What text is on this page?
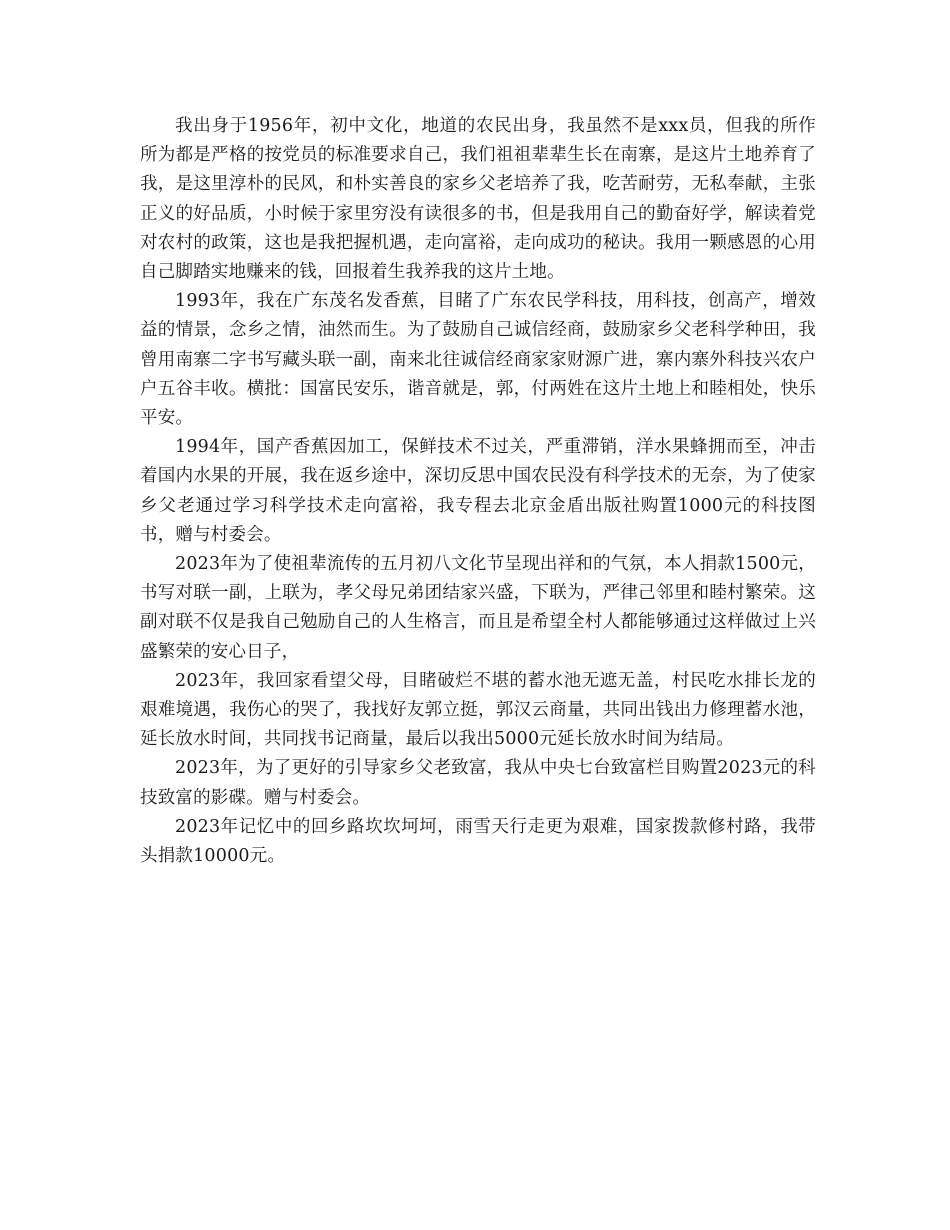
我出身于1956年，初中文化，地道的农民出身，我虽然不是xxx员，但我的所作所为都是严格的按党员的标准要求自己，我们祖祖辈辈生长在南寨，是这片土地养育了我，是这里淳朴的民风，和朴实善良的家乡父老培养了我，吃苦耐劳，无私奉献，主张正义的好品质，小时候于家里穷没有读很多的书，但是我用自己的勤奋好学，解读着党对农村的政策，这也是我把握机遇，走向富裕，走向成功的秘诀。我用一颗感恩的心用自己脚踏实地赚来的钱，回报着生我养我的这片土地。

1993年，我在广东茂名发香蕉，目睹了广东农民学科技，用科技，创高产，增效益的情景，念乡之情，油然而生。为了鼓励自己诚信经商，鼓励家乡父老科学种田，我曾用南寨二字书写藏头联一副，南来北往诚信经商家家财源广进，寨内寨外科技兴农户户五谷丰收。横批：国富民安乐，谐音就是，郭，付两姓在这片土地上和睦相处，快乐平安。

1994年，国产香蕉因加工，保鲜技术不过关，严重滞销，洋水果蜂拥而至，冲击着国内水果的开展，我在返乡途中，深切反思中国农民没有科学技术的无奈，为了使家乡父老通过学习科学技术走向富裕，我专程去北京金盾出版社购置1000元的科技图书，赠与村委会。

2023年为了使祖辈流传的五月初八文化节呈现出祥和的气氛，本人捐款1500元，书写对联一副，上联为，孝父母兄弟团结家兴盛，下联为，严律己邻里和睦村繁荣。这副对联不仅是我自己勉励自己的人生格言，而且是希望全村人都能够通过这样做过上兴盛繁荣的安心日子，

2023年，我回家看望父母，目睹破烂不堪的蓄水池无遮无盖，村民吃水排长龙的艰难境遇，我伤心的哭了，我找好友郭立挺，郭汉云商量，共同出钱出力修理蓄水池，延长放水时间，共同找书记商量，最后以我出5000元延长放水时间为结局。

2023年，为了更好的引导家乡父老致富，我从中央七台致富栏目购置2023元的科技致富的影碟。赠与村委会。

2023年记忆中的回乡路坎坎坷坷，雨雪天行走更为艰难，国家拨款修村路，我带头捐款10000元。
